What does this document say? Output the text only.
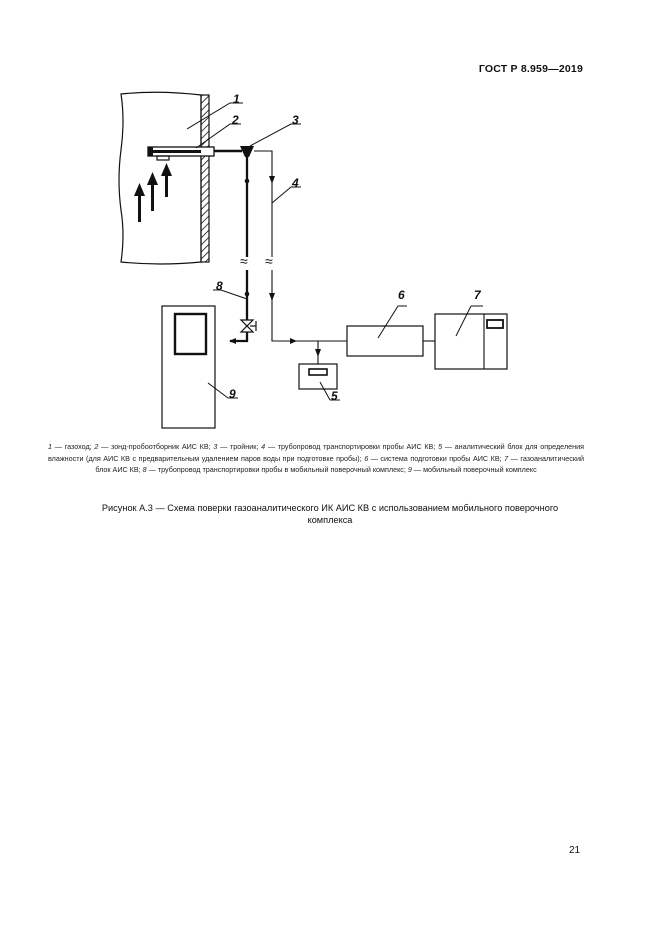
ГОСТ Р 8.959—2019
≈ ≈
1
2	3
4
5
6	7
8
9
1 — газоход; 2 — зонд-пробоотборник АИС КВ; 3 — тройник; 4 — трубопровод транспортировки пробы АИС КВ; 5 — аналитический блок для определения влажности (для АИС КВ с предварительным удалением паров воды при подготовке пробы); 6 — система подготовки пробы АИС КВ; 7 — газоаналитический блок АИС КВ; 8 — трубопровод транспортировки пробы в мобильный поверочный комплекс; 9 — мобильный поверочный комплекс
Рисунок А.3 — Схема поверки газоаналитического ИК АИС КВ с использованием мобильного поверочного комплекса
21
